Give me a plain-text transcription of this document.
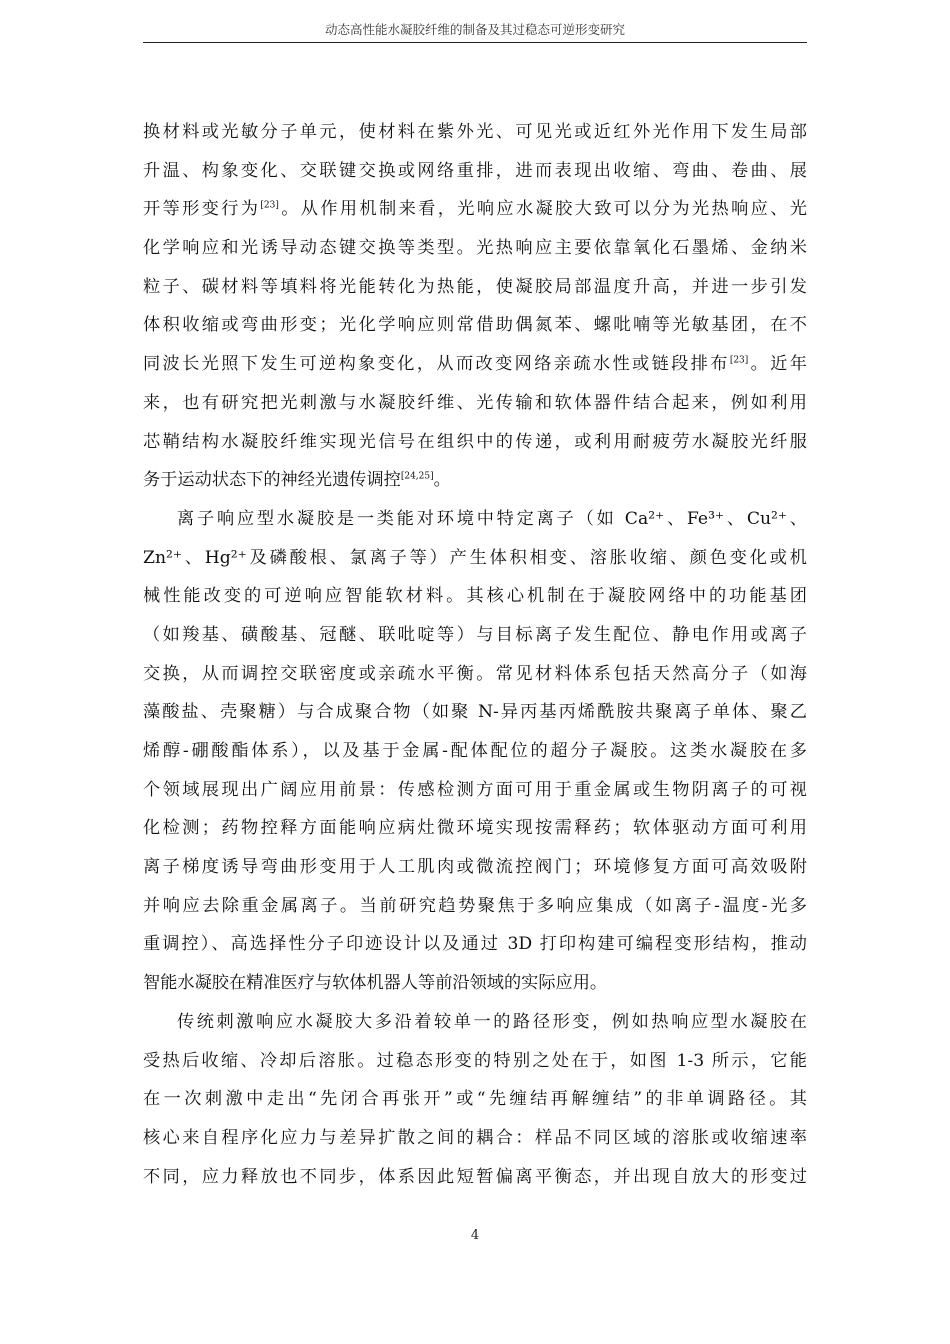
动态高性能水凝胶纤维的制备及其过稳态可逆形变研究
换材料或光敏分子单元，使材料在紫外光、可见光或近红外光作用下发生局部
升温、构象变化、交联键交换或网络重排，进而表现出收缩、弯曲、卷曲、展
开等形变行为[23]。从作用机制来看，光响应水凝胶大致可以分为光热响应、光
化学响应和光诱导动态键交换等类型。光热响应主要依靠氧化石墨烯、金纳米
粒子、碳材料等填料将光能转化为热能，使凝胶局部温度升高，并进一步引发
体积收缩或弯曲形变；光化学响应则常借助偶氮苯、螺吡喃等光敏基团，在不
同波长光照下发生可逆构象变化，从而改变网络亲疏水性或链段排布[23]。近年
来，也有研究把光刺激与水凝胶纤维、光传输和软体器件结合起来，例如利用
芯鞘结构水凝胶纤维实现光信号在组织中的传递，或利用耐疲劳水凝胶光纤服
务于运动状态下的神经光遗传调控[24,25]。
离子响应型水凝胶是一类能对环境中特定离子（如 Ca²⁺、Fe³⁺、Cu²⁺、
Zn²⁺、Hg²⁺及磷酸根、氯离子等）产生体积相变、溶胀收缩、颜色变化或机
械性能改变的可逆响应智能软材料。其核心机制在于凝胶网络中的功能基团
（如羧基、磺酸基、冠醚、联吡啶等）与目标离子发生配位、静电作用或离子
交换，从而调控交联密度或亲疏水平衡。常见材料体系包括天然高分子（如海
藻酸盐、壳聚糖）与合成聚合物（如聚 N-异丙基丙烯酰胺共聚离子单体、聚乙
烯醇-硼酸酯体系），以及基于金属-配体配位的超分子凝胶。这类水凝胶在多
个领域展现出广阔应用前景：传感检测方面可用于重金属或生物阴离子的可视
化检测；药物控释方面能响应病灶微环境实现按需释药；软体驱动方面可利用
离子梯度诱导弯曲形变用于人工肌肉或微流控阀门；环境修复方面可高效吸附
并响应去除重金属离子。当前研究趋势聚焦于多响应集成（如离子-温度-光多
重调控）、高选择性分子印迹设计以及通过 3D 打印构建可编程变形结构，推动
智能水凝胶在精准医疗与软体机器人等前沿领域的实际应用。
传统刺激响应水凝胶大多沿着较单一的路径形变，例如热响应型水凝胶在
受热后收缩、冷却后溶胀。过稳态形变的特别之处在于，如图 1-3 所示，它能
在一次刺激中走出“先闭合再张开”或“先缠结再解缠结”的非单调路径。其
核心来自程序化应力与差异扩散之间的耦合：样品不同区域的溶胀或收缩速率
不同，应力释放也不同步，体系因此短暂偏离平衡态，并出现自放大的形变过
4
